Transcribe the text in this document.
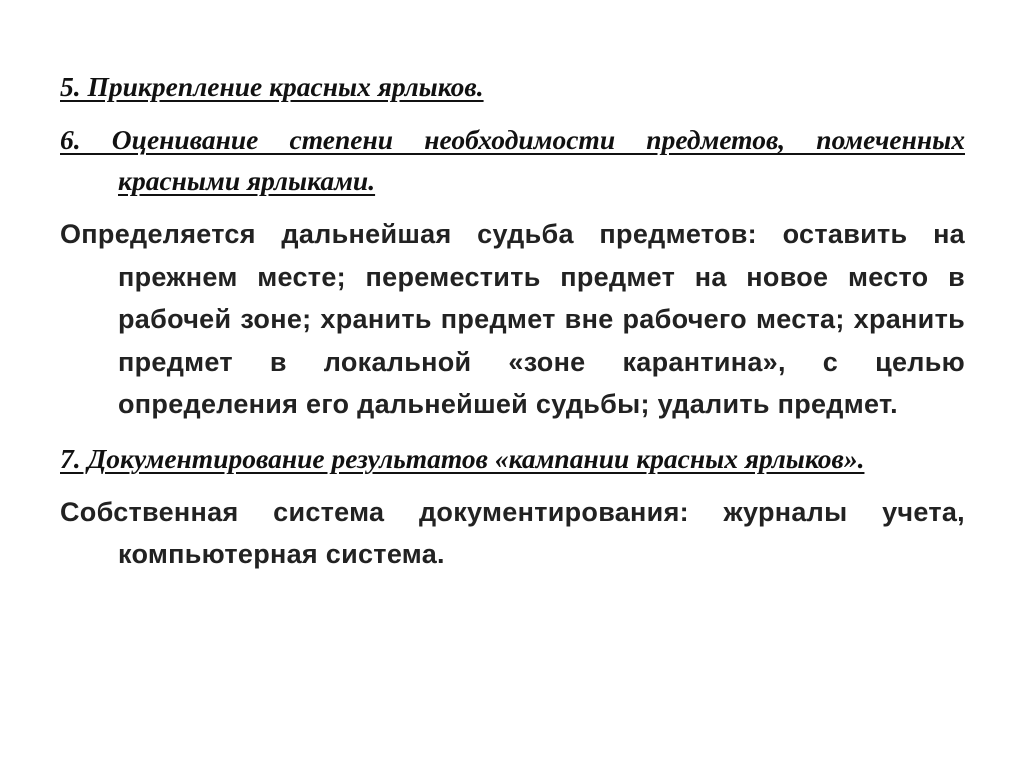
5. Прикрепление красных ярлыков.

6. Оценивание степени необходимости предметов, помеченных красными ярлыками.

Определяется дальнейшая судьба предметов: оставить на прежнем месте; переместить предмет на новое место в рабочей зоне; хранить предмет вне рабочего места; хранить предмет в локальной «зоне карантина», с целью определения его дальнейшей судьбы; удалить предмет.

7. Документирование результатов «кампании красных ярлыков».

Собственная система документирования: журналы учета, компьютерная система.
